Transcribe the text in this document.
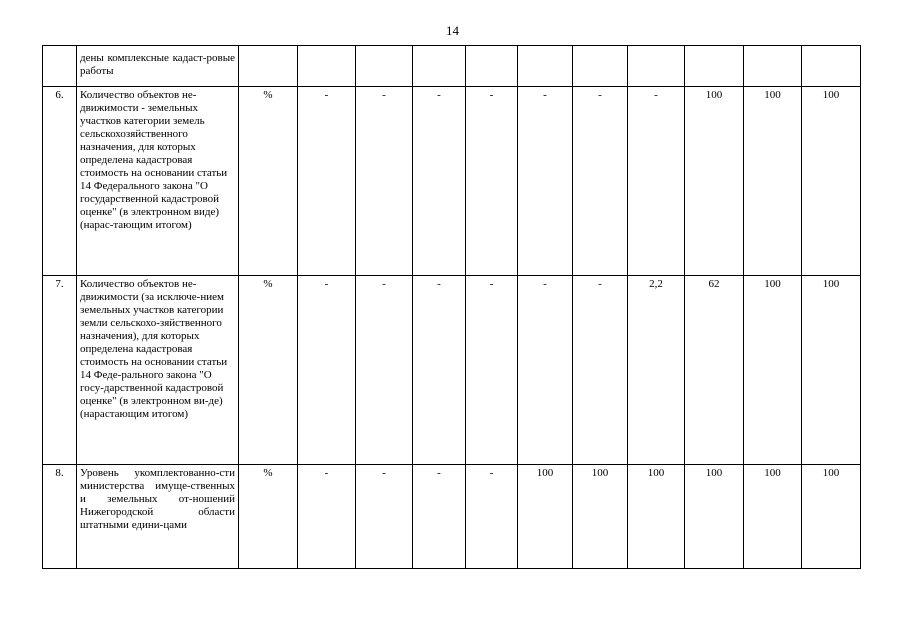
14
	дены комплексные кадаст-ровые работы											
6.	Количество объектов не-движимости - земельных участков категории земель сельскохозяйственного назначения, для которых определена кадастровая стоимость на основании статьи 14 Федерального закона "О государственной кадастровой оценке" (в электронном виде) (нарас-тающим итогом)	%	-	-	-	-	-	-	-	100	100	100
7.	Количество объектов не-движимости (за исключе-нием земельных участков категории земли сельскохо-зяйственного назначения), для которых определена кадастровая стоимость на основании статьи 14 Феде-рального закона "О госу-дарственной кадастровой оценке" (в электронном ви-де) (нарастающим итогом)	%	-	-	-	-	-	-	2,2	62	100	100
8.	Уровень укомплектованно-сти министерства имуще-ственных и земельных от-ношений Нижегородской области штатными едини-цами	%	-	-	-	-	100	100	100	100	100	100
